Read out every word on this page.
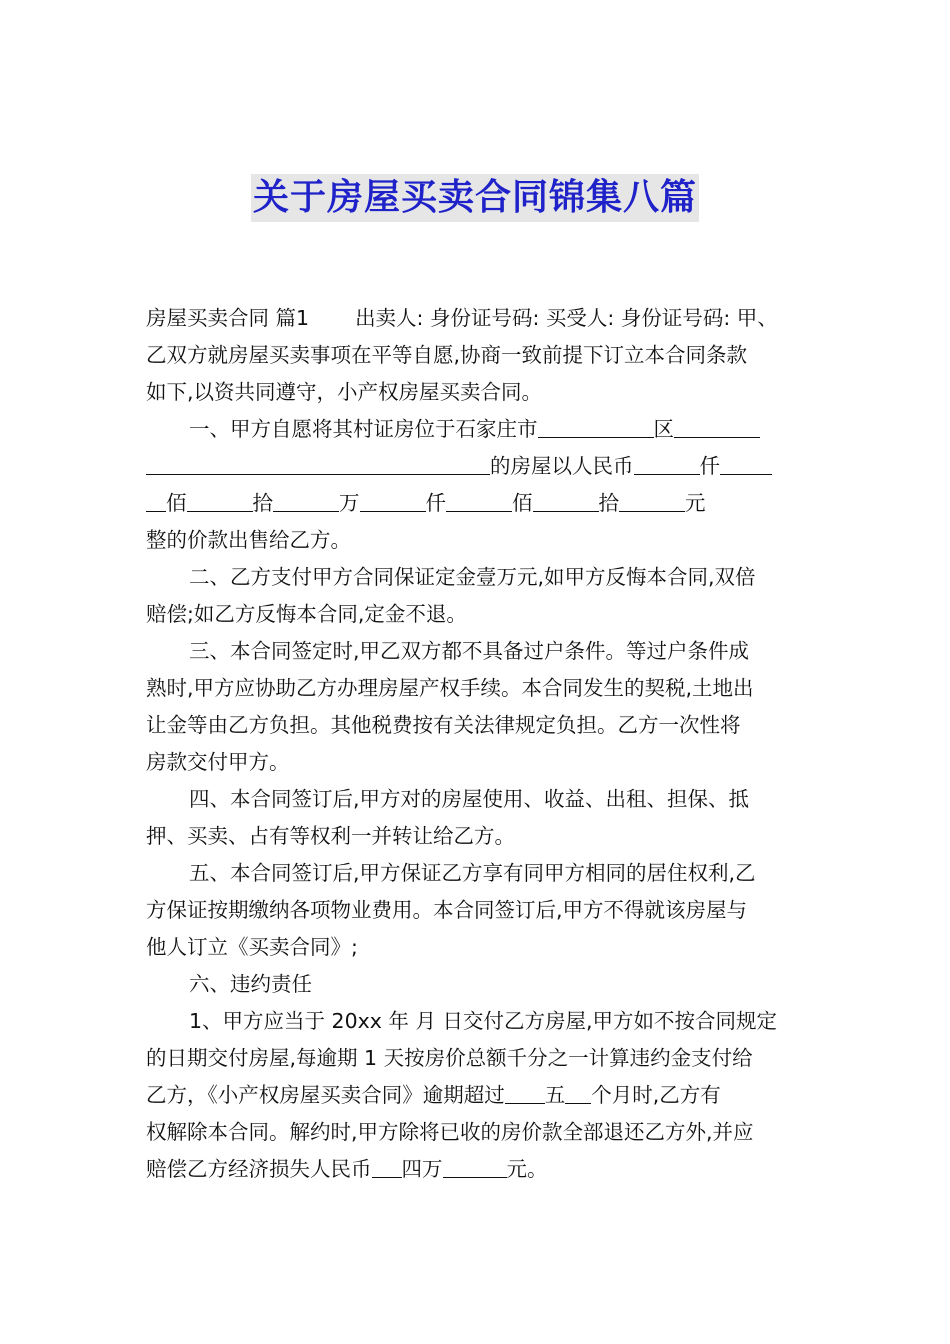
关于房屋买卖合同锦集八篇

房屋买卖合同 篇1 出卖人: 身份证号码: 买受人: 身份证号码: 甲、
乙双方就房屋买卖事项在平等自愿,协商一致前提下订立本合同条款
如下,以资共同遵守，小产权房屋买卖合同。

一、甲方自愿将其村证房位于石家庄市	区
的房屋以人民币	仟
佰	拾	万	仟	佰	拾	元
整的价款出售给乙方。

二、乙方支付甲方合同保证定金壹万元,如甲方反悔本合同,双倍
赔偿;如乙方反悔本合同,定金不退。

三、本合同签定时,甲乙双方都不具备过户条件。等过户条件成
熟时,甲方应协助乙方办理房屋产权手续。本合同发生的契税,土地出
让金等由乙方负担。其他税费按有关法律规定负担。乙方一次性将
房款交付甲方。

四、本合同签订后,甲方对的房屋使用、收益、出租、担保、抵
押、买卖、占有等权利一并转让给乙方。

五、本合同签订后,甲方保证乙方享有同甲方相同的居住权利,乙
方保证按期缴纳各项物业费用。本合同签订后,甲方不得就该房屋与
他人订立《买卖合同》;

六、违约责任

1、甲方应当于 20xx 年 月 日交付乙方房屋,甲方如不按合同规定
的日期交付房屋,每逾期 1 天按房价总额千分之一计算违约金支付给
乙方，《小产权房屋买卖合同》逾期超过 五 个月时,乙方有
权解除本合同。解约时,甲方除将已收的房价款全部退还乙方外,并应
赔偿乙方经济损失人民币 四万	元。
